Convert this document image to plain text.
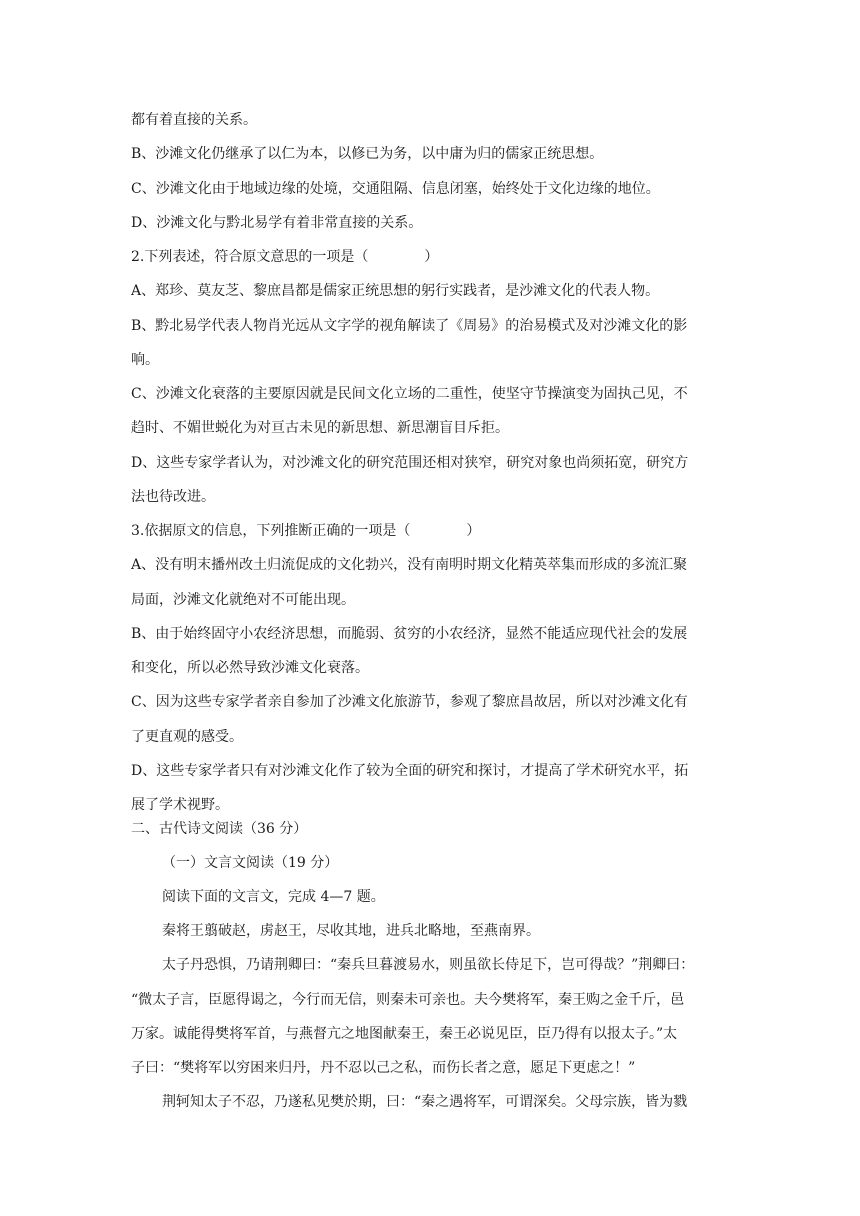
都有着直接的关系。
B、沙滩文化仍继承了以仁为本，以修已为务，以中庸为归的儒家正统思想。
C、沙滩文化由于地域边缘的处境，交通阻隔、信息闭塞，始终处于文化边缘的地位。
D、沙滩文化与黔北易学有着非常直接的关系。
2.下列表述，符合原文意思的一项是（　　　　）
A、郑珍、莫友芝、黎庶昌都是儒家正统思想的躬行实践者，是沙滩文化的代表人物。
B、黔北易学代表人物肖光远从文字学的视角解读了《周易》的治易模式及对沙滩文化的影
响。
C、沙滩文化衰落的主要原因就是民间文化立场的二重性，使坚守节操演变为固执己见，不
趋时、不媚世蜕化为对亘古未见的新思想、新思潮盲目斥拒。
D、这些专家学者认为，对沙滩文化的研究范围还相对狭窄，研究对象也尚须拓宽，研究方
法也待改进。
3.依据原文的信息，下列推断正确的一项是（　　　　）
A、没有明末播州改土归流促成的文化勃兴，没有南明时期文化精英萃集而形成的多流汇聚
局面，沙滩文化就绝对不可能出现。
B、由于始终固守小农经济思想，而脆弱、贫穷的小农经济，显然不能适应现代社会的发展
和变化，所以必然导致沙滩文化衰落。
C、因为这些专家学者亲自参加了沙滩文化旅游节，参观了黎庶昌故居，所以对沙滩文化有
了更直观的感受。
D、这些专家学者只有对沙滩文化作了较为全面的研究和探讨，才提高了学术研究水平，拓
展了学术视野。
二、古代诗文阅读（36 分）
（一）文言文阅读（19 分）
阅读下面的文言文，完成 4—7 题。
秦将王翦破赵，虏赵王，尽收其地，进兵北略地，至燕南界。
太子丹恐惧，乃请荆卿曰：“秦兵旦暮渡易水，则虽欲长侍足下，岂可得哉？”荆卿曰：
“微太子言，臣愿得谒之，今行而无信，则秦未可亲也。夫今樊将军，秦王购之金千斤，邑
万家。诚能得樊将军首，与燕督亢之地图献秦王，秦王必说见臣，臣乃得有以报太子。”太
子曰：“樊将军以穷困来归丹，丹不忍以己之私，而伤长者之意，愿足下更虑之！”
荆轲知太子不忍，乃遂私见樊於期，曰：“秦之遇将军，可谓深矣。父母宗族，皆为戮
